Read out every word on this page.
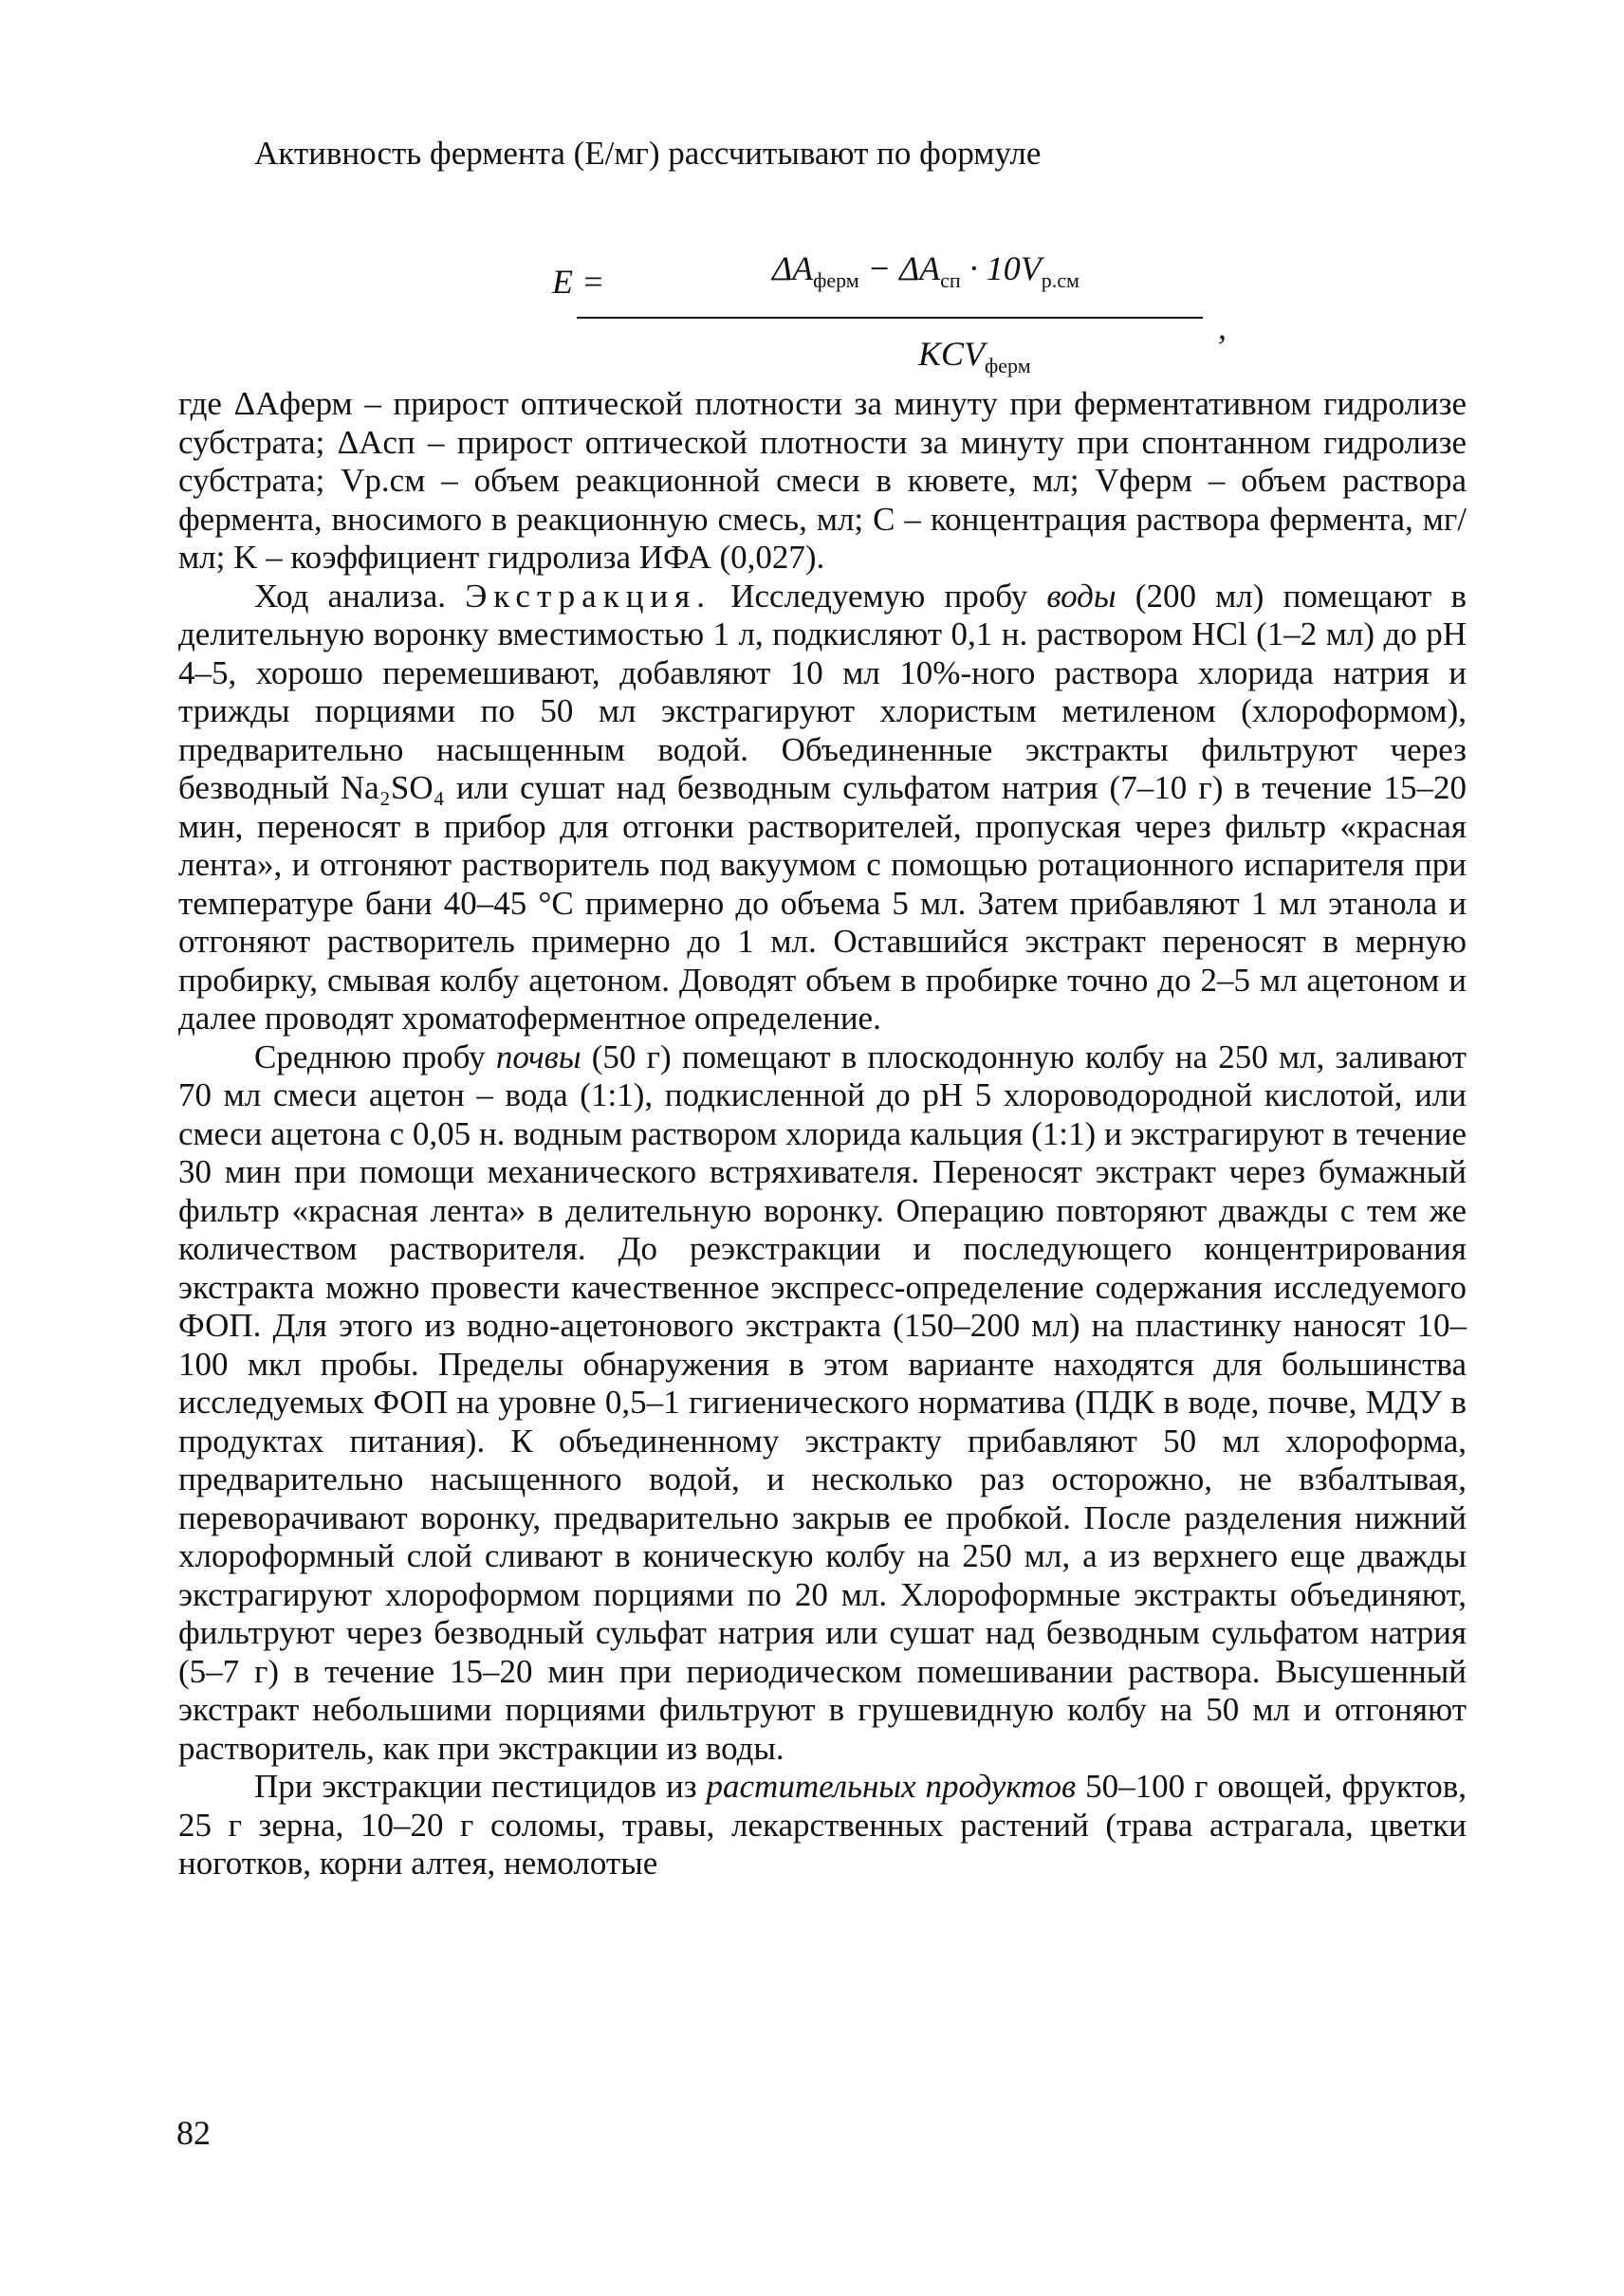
Активность фермента (Е/мг) рассчитывают по формуле

E =	$\Delta A_{ферм} - \Delta A_{сп} \cdot 10V_{р.см}$
$KCV_{ферм}$
,

где ΔAферм – прирост оптической плотности за минуту при ферментативном гидролизе субстрата; ΔAсп – прирост оптической плотности за минуту при спонтанном гидролизе субстрата; Vр.см – объем реакционной смеси в кювете, мл; Vферм – объем раствора фермента, вносимого в реакционную смесь, мл; C – концентрация раствора фермента, мг/мл; K – коэффициент гидролиза ИФА (0,027).

Ход анализа. Экстракция. Исследуемую пробу воды (200 мл) помещают в делительную воронку вместимостью 1 л, подкисляют 0,1 н. раствором HCl (1–2 мл) до pH 4–5, хорошо перемешивают, добавляют 10 мл 10%-ного раствора хлорида натрия и трижды порциями по 50 мл экстрагируют хлористым метиленом (хлороформом), предварительно насыщенным водой. Объединенные экстракты фильтруют через безводный Na₂SO₄ или сушат над безводным сульфатом натрия (7–10 г) в течение 15–20 мин, переносят в прибор для отгонки растворителей, пропуская через фильтр «красная лента», и отгоняют растворитель под вакуумом с помощью ротационного испарителя при температуре бани 40–45 °С примерно до объема 5 мл. Затем прибавляют 1 мл этанола и отгоняют растворитель примерно до 1 мл. Оставшийся экстракт переносят в мерную пробирку, смывая колбу ацетоном. Доводят объем в пробирке точно до 2–5 мл ацетоном и далее проводят хроматоферментное определение.

Среднюю пробу почвы (50 г) помещают в плоскодонную колбу на 250 мл, заливают 70 мл смеси ацетон – вода (1:1), подкисленной до pH 5 хлороводородной кислотой, или смеси ацетона с 0,05 н. водным раствором хлорида кальция (1:1) и экстрагируют в течение 30 мин при помощи механического встряхивателя. Переносят экстракт через бумажный фильтр «красная лента» в делительную воронку. Операцию повторяют дважды с тем же количеством растворителя. До реэкстракции и последующего концентрирования экстракта можно провести качественное экспресс-определение содержания исследуемого ФОП. Для этого из водно-ацетонового экстракта (150–200 мл) на пластинку наносят 10–100 мкл пробы. Пределы обнаружения в этом варианте находятся для большинства исследуемых ФОП на уровне 0,5–1 гигиенического норматива (ПДК в воде, почве, МДУ в продуктах питания). К объединенному экстракту прибавляют 50 мл хлороформа, предварительно насыщенного водой, и несколько раз осторожно, не взбалтывая, переворачивают воронку, предварительно закрыв ее пробкой. После разделения нижний хлороформный слой сливают в коническую колбу на 250 мл, а из верхнего еще дважды экстрагируют хлороформом порциями по 20 мл. Хлороформные экстракты объединяют, фильтруют через безводный сульфат натрия или сушат над безводным сульфатом натрия (5–7 г) в течение 15–20 мин при периодическом помешивании раствора. Высушенный экстракт небольшими порциями фильтруют в грушевидную колбу на 50 мл и отгоняют растворитель, как при экстракции из воды.

При экстракции пестицидов из растительных продуктов 50–100 г овощей, фруктов, 25 г зерна, 10–20 г соломы, травы, лекарственных растений (трава астрагала, цветки ноготков, корни алтея, немолотые

82
